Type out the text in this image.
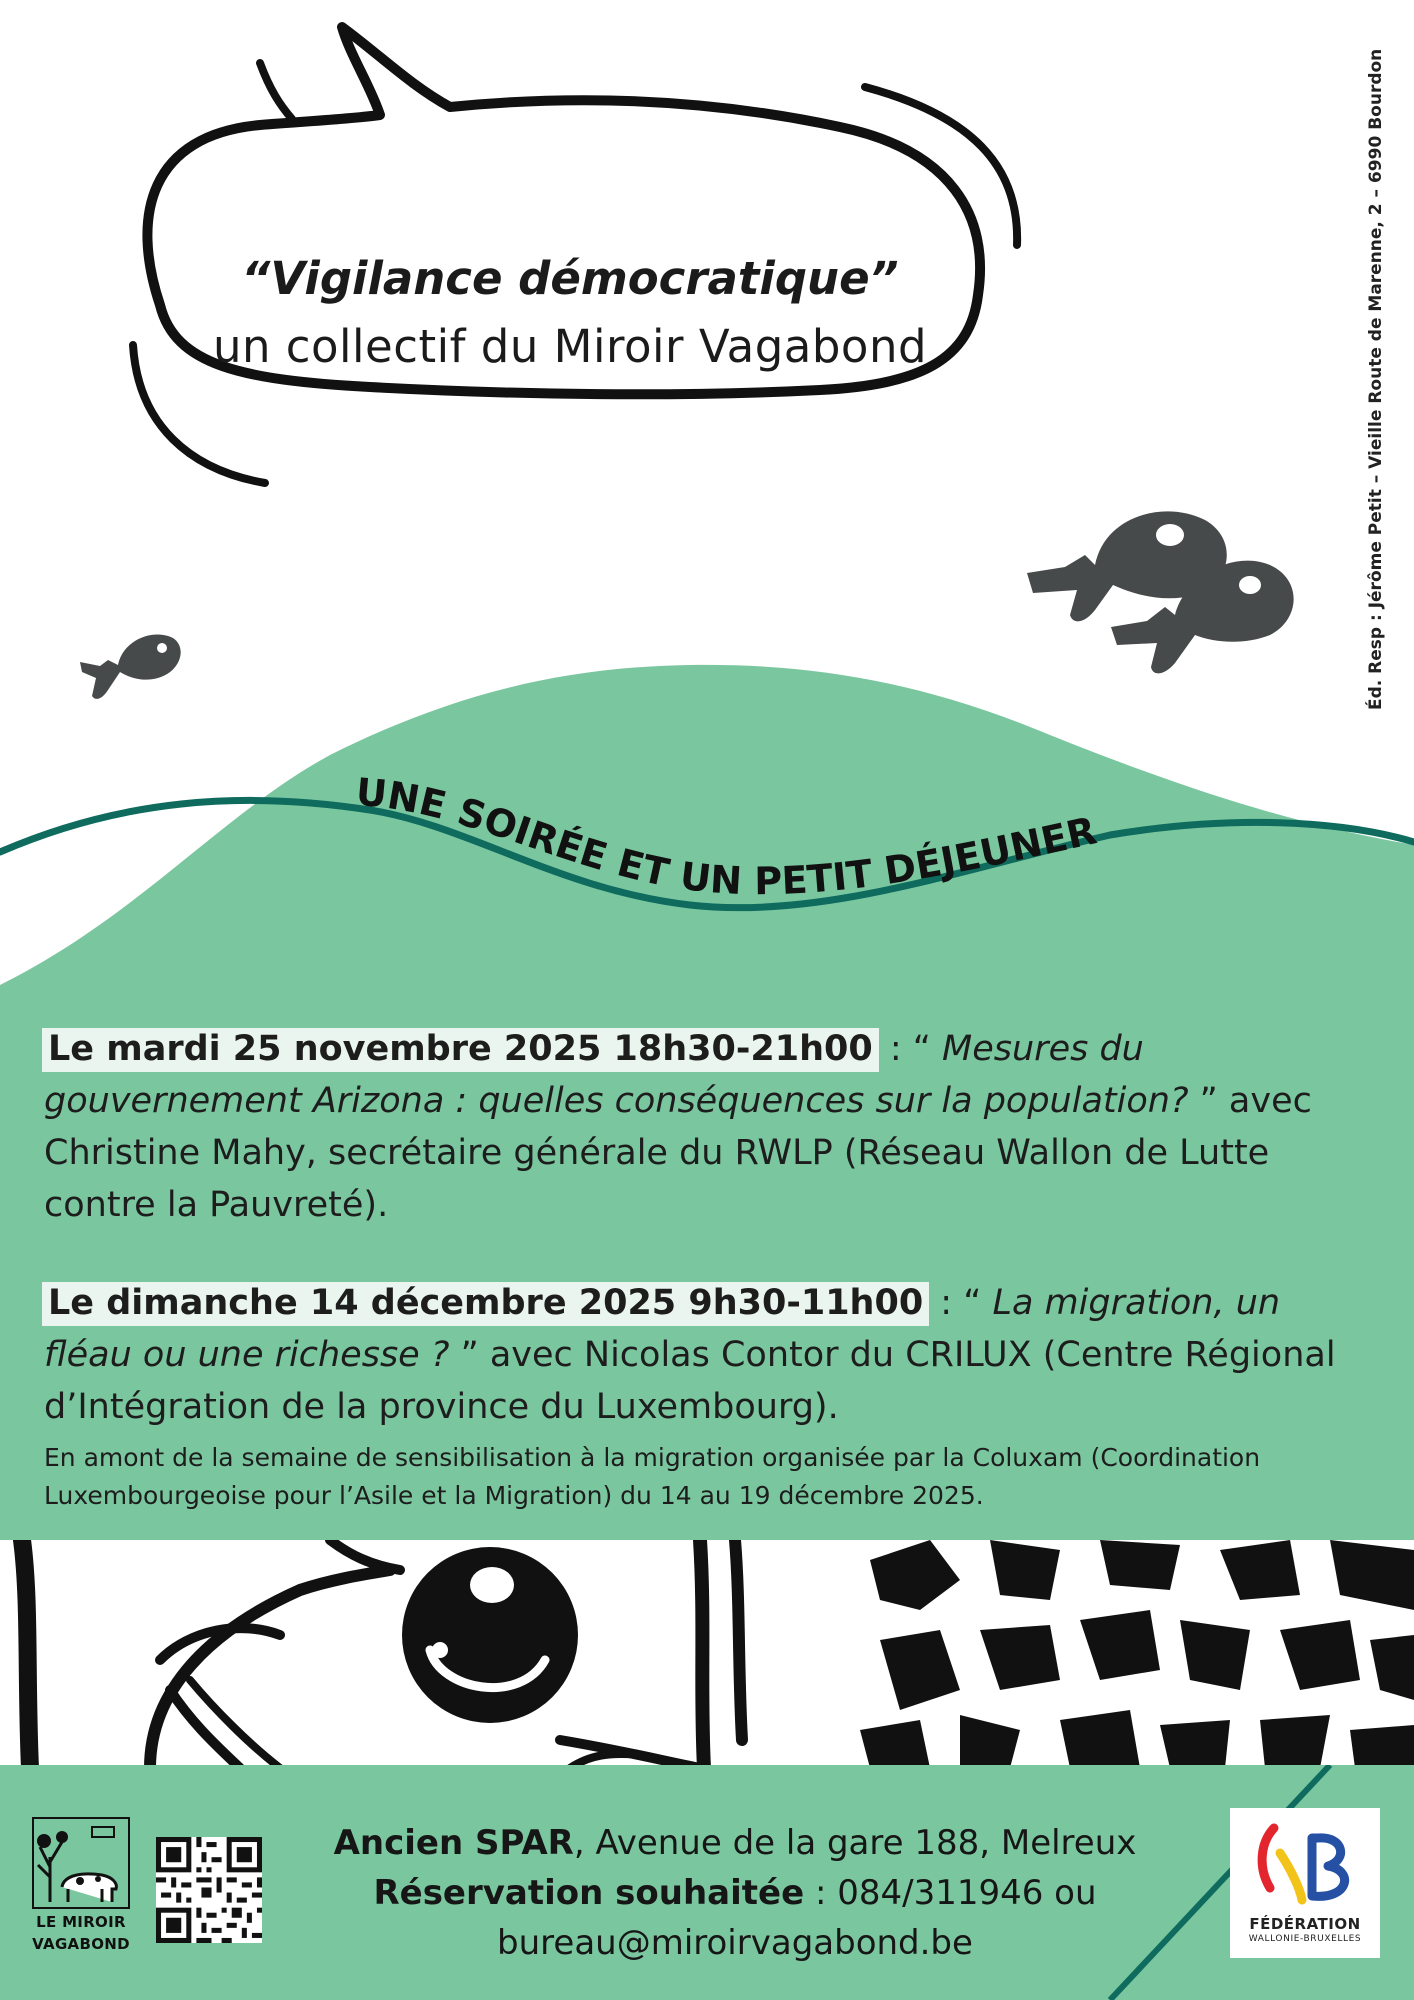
“Vigilance démocratique”
un collectif du Miroir Vagabond	Éd. Resp : Jérôme Petit – Vieille Route de Marenne, 2 – 6990 Bourdon
UNE SOIRÉE ET UN PETIT DÉJEUNER
Le mardi 25 novembre 2025 18h30-21h00 : “ Mesures du gouvernement Arizona : quelles conséquences sur la population? ” avec Christine Mahy, secrétaire générale du RWLP (Réseau Wallon de Lutte contre la Pauvreté).
Le dimanche 14 décembre 2025 9h30-11h00 : “ La migration, un fléau ou une richesse ? ” avec Nicolas Contor du CRILUX (Centre Régional d’Intégration de la province du Luxembourg).
En amont de la semaine de sensibilisation à la migration organisée par la Coluxam (Coordination Luxembourgeoise pour l’Asile et la Migration) du 14 au 19 décembre 2025.
LE MIROIR
VAGABOND
Ancien SPAR, Avenue de la gare 188, Melreux
Réservation souhaitée : 084/311946 ou
bureau@miroirvagabond.be	FÉDÉRATION
WALLONIE-BRUXELLES
